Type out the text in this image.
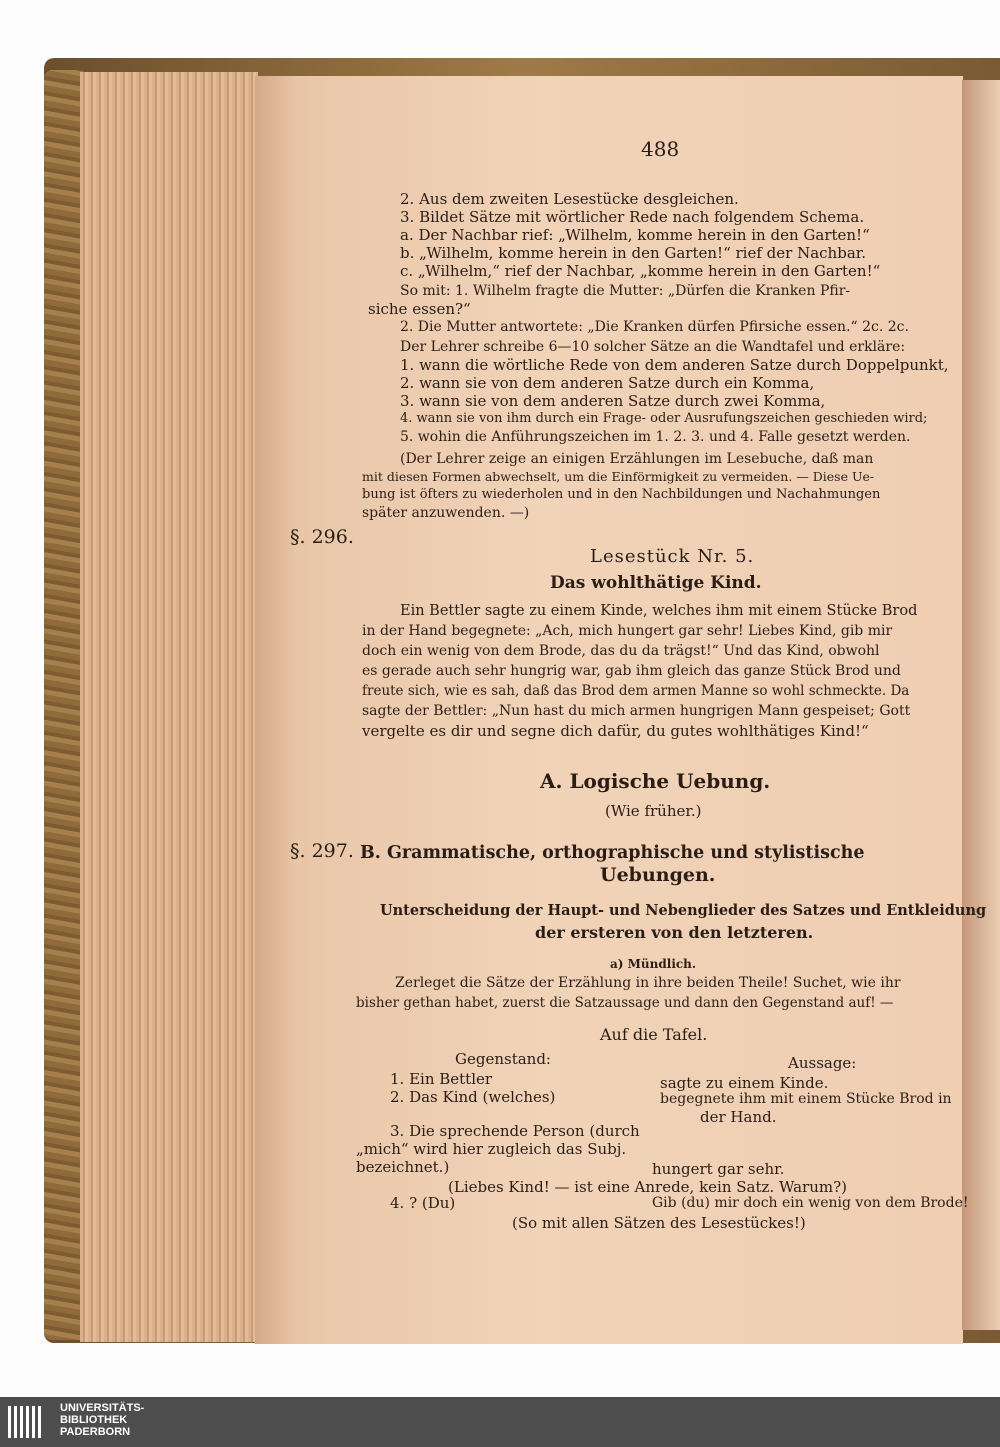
488

2. Aus dem zweiten Lesestücke desgleichen.

3. Bildet Sätze mit wörtlicher Rede nach folgendem Schema.

a. Der Nachbar rief: „Wilhelm, komme herein in den Garten!“

b. „Wilhelm, komme herein in den Garten!“ rief der Nachbar.

c. „Wilhelm,“ rief der Nachbar, „komme herein in den Garten!“

So mit: 1. Wilhelm fragte die Mutter: „Dürfen die Kranken Pfir-

siche essen?“

2. Die Mutter antwortete: „Die Kranken dürfen Pfirsiche essen.“ 2c. 2c.

Der Lehrer schreibe 6—10 solcher Sätze an die Wandtafel und erkläre:

1. wann die wörtliche Rede von dem anderen Satze durch Doppelpunkt,

2. wann sie von dem anderen Satze durch ein Komma,

3. wann sie von dem anderen Satze durch zwei Komma,

4. wann sie von ihm durch ein Frage- oder Ausrufungszeichen geschieden wird;

5. wohin die Anführungszeichen im 1. 2. 3. und 4. Falle gesetzt werden.

(Der Lehrer zeige an einigen Erzählungen im Lesebuche, daß man

mit diesen Formen abwechselt, um die Einförmigkeit zu vermeiden. — Diese Ue-

bung ist öfters zu wiederholen und in den Nachbildungen und Nachahmungen

später anzuwenden. —)

§. 296.

Lesestück Nr. 5.

Das wohlthätige Kind.

Ein Bettler sagte zu einem Kinde, welches ihm mit einem Stücke Brod

in der Hand begegnete: „Ach, mich hungert gar sehr! Liebes Kind, gib mir

doch ein wenig von dem Brode, das du da trägst!“ Und das Kind, obwohl

es gerade auch sehr hungrig war, gab ihm gleich das ganze Stück Brod und

freute sich, wie es sah, daß das Brod dem armen Manne so wohl schmeckte. Da

sagte der Bettler: „Nun hast du mich armen hungrigen Mann gespeiset; Gott

vergelte es dir und segne dich dafür, du gutes wohlthätiges Kind!“

A. Logische Uebung.

(Wie früher.)

§. 297. B. Grammatische, orthographische und stylistische

Uebungen.

Unterscheidung der Haupt- und Nebenglieder des Satzes und Entkleidung

der ersteren von den letzteren.

a) Mündlich.

Zerleget die Sätze der Erzählung in ihre beiden Theile! Suchet, wie ihr

bisher gethan habet, zuerst die Satzaussage und dann den Gegenstand auf! —

Auf die Tafel.

Gegenstand:	Aussage:

1. Ein Bettler	sagte zu einem Kinde.

2. Das Kind (welches)	begegnete ihm mit einem Stücke Brod in

der Hand.

3. Die sprechende Person (durch

„mich“ wird hier zugleich das Subj.

bezeichnet.)	hungert gar sehr.

(Liebes Kind! — ist eine Anrede, kein Satz. Warum?)

4. ? (Du)	Gib (du) mir doch ein wenig von dem Brode!

(So mit allen Sätzen des Lesestückes!)

UNIVERSITÄTS-
BIBLIOTHEK
PADERBORN
